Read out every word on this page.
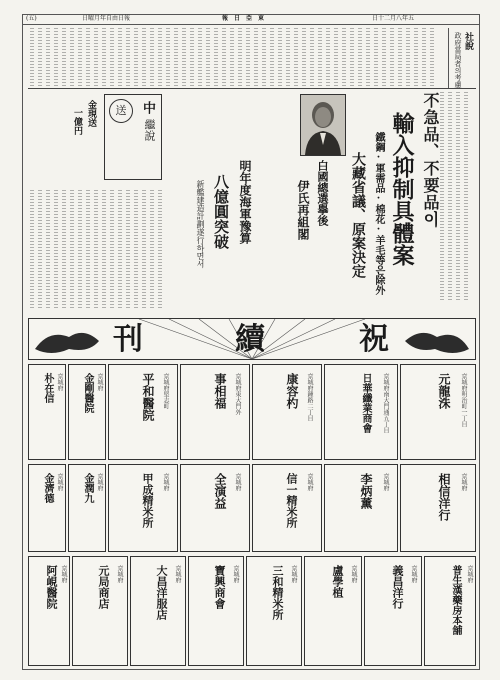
(五)	日曜月年自由日報	報日亞東	日十二月八年五
社說
政府當局者의考慮
不急品、不要品이
輸入抑制具體案
鐵鋼·軍需品·棉花·羊毛等은除外
大藏省議、原案決定
白國總選擧後
伊氏再組閣
明年度海軍豫算
八億圓突破
新艦建造計劃遂行하면서
中
繼說
送
金現送
一億円
祝
續
刊
元龍洙 京城府明治町一丁目
日華纖業商會	京城府南大門通五丁目
康容杓 京城府鍾路二丁目
事相福 京城府東大門外
平和醫院 京城府堅志町
金剛醫院 京城府
朴在信 京城府
相信洋行 京城府
李炳薰 京城府
信一精米所 京城府
全演益 京城府
甲成精米所 京城府
金潤九 京城府
金濟德 京城府
普生漢藥房本舖 京城府
義昌洋行 京城府
盧學植 京城府
三和精米所 京城府
寶興商會 京城府
大昌洋服店 京城府
元局商店 京城府
阿峴醫院 京城府
